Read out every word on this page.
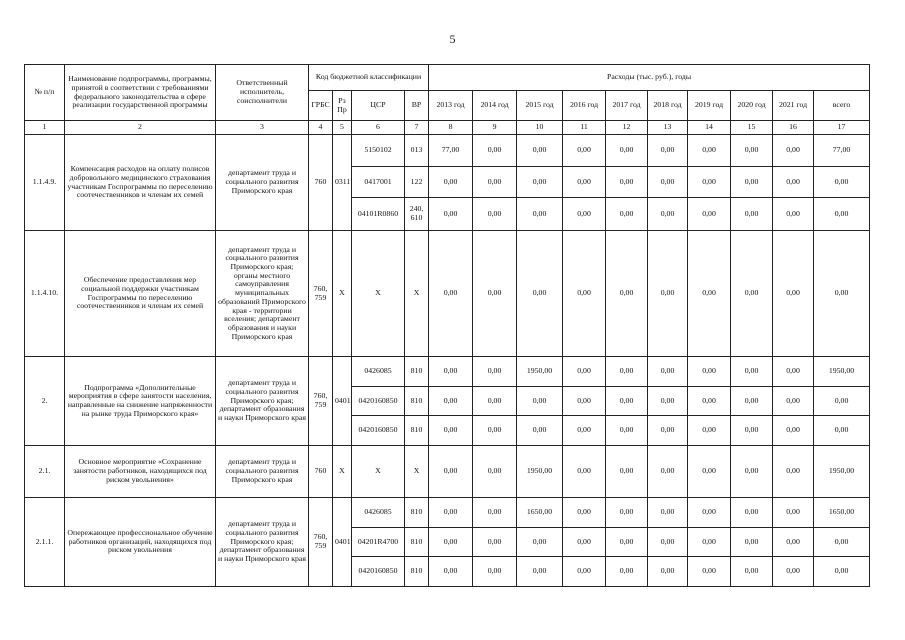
5
№ п/п	Наименование подпрограммы, программы, принятой в соответствии с требованиями федерального законодательства в сфере реализации государственной программы	Ответственный исполнитель, соисполнители	Код бюджетной классификации				Расходы (тыс. руб.), годы									
			ГРБС	Рз Пр	ЦСР	ВР	2013 год	2014 год	2015 год	2016 год	2017 год	2018 год	2019 год	2020 год	2021 год	всего
1	2	3	4	5	6	7	8	9	10	11	12	13	14	15	16	17
1.1.4.9.	Компенсация расходов на оплату полисов добровольного медицинского страхования участникам Госпрограммы по переселению соотечественников и членам их семей	департамент труда и социального развития Приморского края	760	0311	5150102	013	77,00	0,00	0,00	0,00	0,00	0,00	0,00	0,00	0,00	77,00
					0417001	122	0,00	0,00	0,00	0,00	0,00	0,00	0,00	0,00	0,00	0,00
					04101R0860	240, 610	0,00	0,00	0,00	0,00	0,00	0,00	0,00	0,00	0,00	0,00
1.1.4.10.	Обеспечение предоставления мер социальной поддержки участникам Госпрограммы по переселению соотечественников и членам их семей	департамент труда и социального развития Приморского края; органы местного самоуправления муниципальных образований Приморского края - территории вселения; департамент образования и науки Приморского края	760, 759	X	X	X	0,00	0,00	0,00	0,00	0,00	0,00	0,00	0,00	0,00	0,00
2.	Подпрограмма «Дополнительные мероприятия в сфере занятости населения, направленные на снижение напряженности на рынке труда Приморского края»	департамент труда и социального развития Приморского края; департамент образования и науки Приморского края	760, 759	0401	0426085	810	0,00	0,00	1950,00	0,00	0,00	0,00	0,00	0,00	0,00	1950,00
					0420160850	810	0,00	0,00	0,00	0,00	0,00	0,00	0,00	0,00	0,00	0,00
					0420160850	810	0,00	0,00	0,00	0,00	0,00	0,00	0,00	0,00	0,00	0,00
2.1.	Основное мероприятие «Сохранение занятости работников, находящихся под риском увольнения»	департамент труда и социального развития Приморского края	760	X	X	X	0,00	0,00	1950,00	0,00	0,00	0,00	0,00	0,00	0,00	1950,00
2.1.1.	Опережающее профессиональное обучение работников организаций, находящихся под риском увольнения	департамент труда и социального развития Приморского края; департамент образования и науки Приморского края	760, 759	0401	0426085	810	0,00	0,00	1650,00	0,00	0,00	0,00	0,00	0,00	0,00	1650,00
					04201R4700	810	0,00	0,00	0,00	0,00	0,00	0,00	0,00	0,00	0,00	0,00
					0420160850	810	0,00	0,00	0,00	0,00	0,00	0,00	0,00	0,00	0,00	0,00
